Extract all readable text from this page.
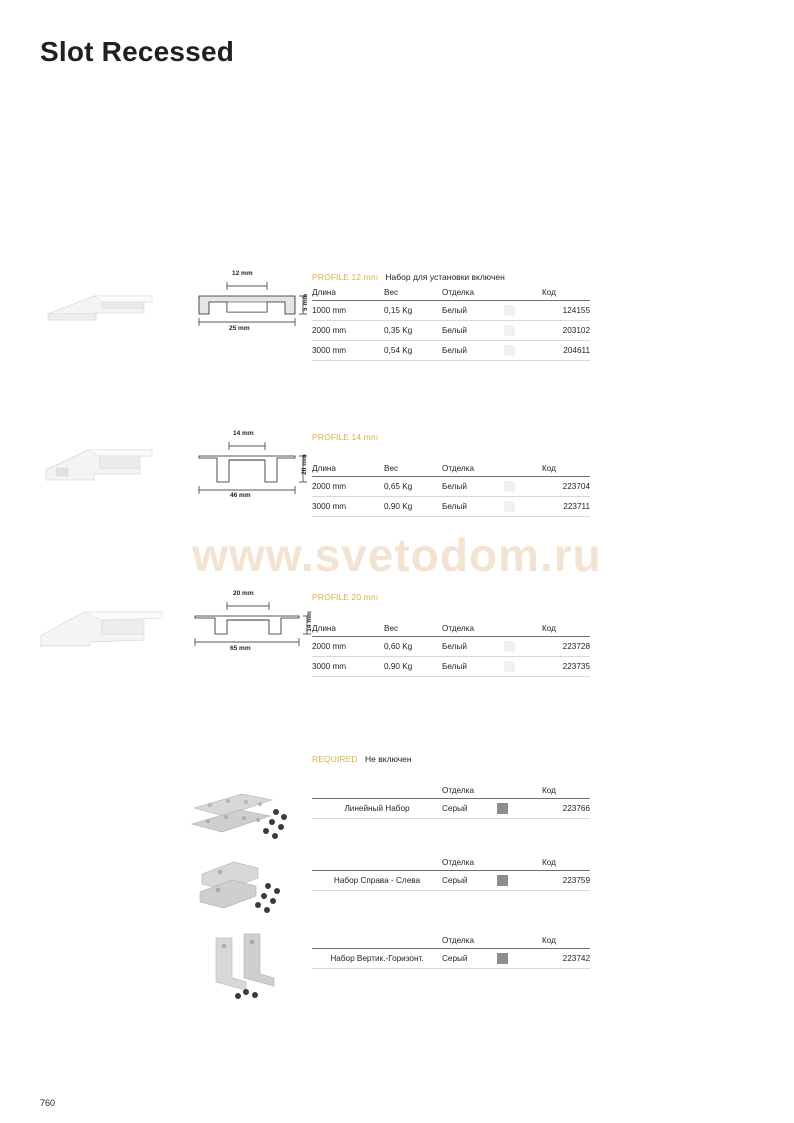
Slot Recessed
www.svetodom.ru
760
12 mm
25 mm
5 mm
PROFILE 12 mm Набор для установки включен
Длина	Вес	Отделка		Код
1000 mm	0,15 Kg	Белый		124155
2000 mm	0,35 Kg	Белый		203102
3000 mm	0,54 Kg	Белый		204611
14 mm
46 mm
20 mm
PROFILE 14 mm
Длина	Вес	Отделка		Код
2000 mm	0,65 Kg	Белый		223704
3000 mm	0,90 Kg	Белый		223711
20 mm
65 mm
14 mm
PROFILE 20 mm
Длина	Вес	Отделка		Код
2000 mm	0,60 Kg	Белый		223728
3000 mm	0,90 Kg	Белый		223735
REQUIRED Не включен
	Отделка		Код
Линейный Набор	Серый		223766
	Отделка		Код
Набор Справа - Слева	Серый		223759
	Отделка		Код
Набор Вертик.-Горизонт.	Серый		223742
